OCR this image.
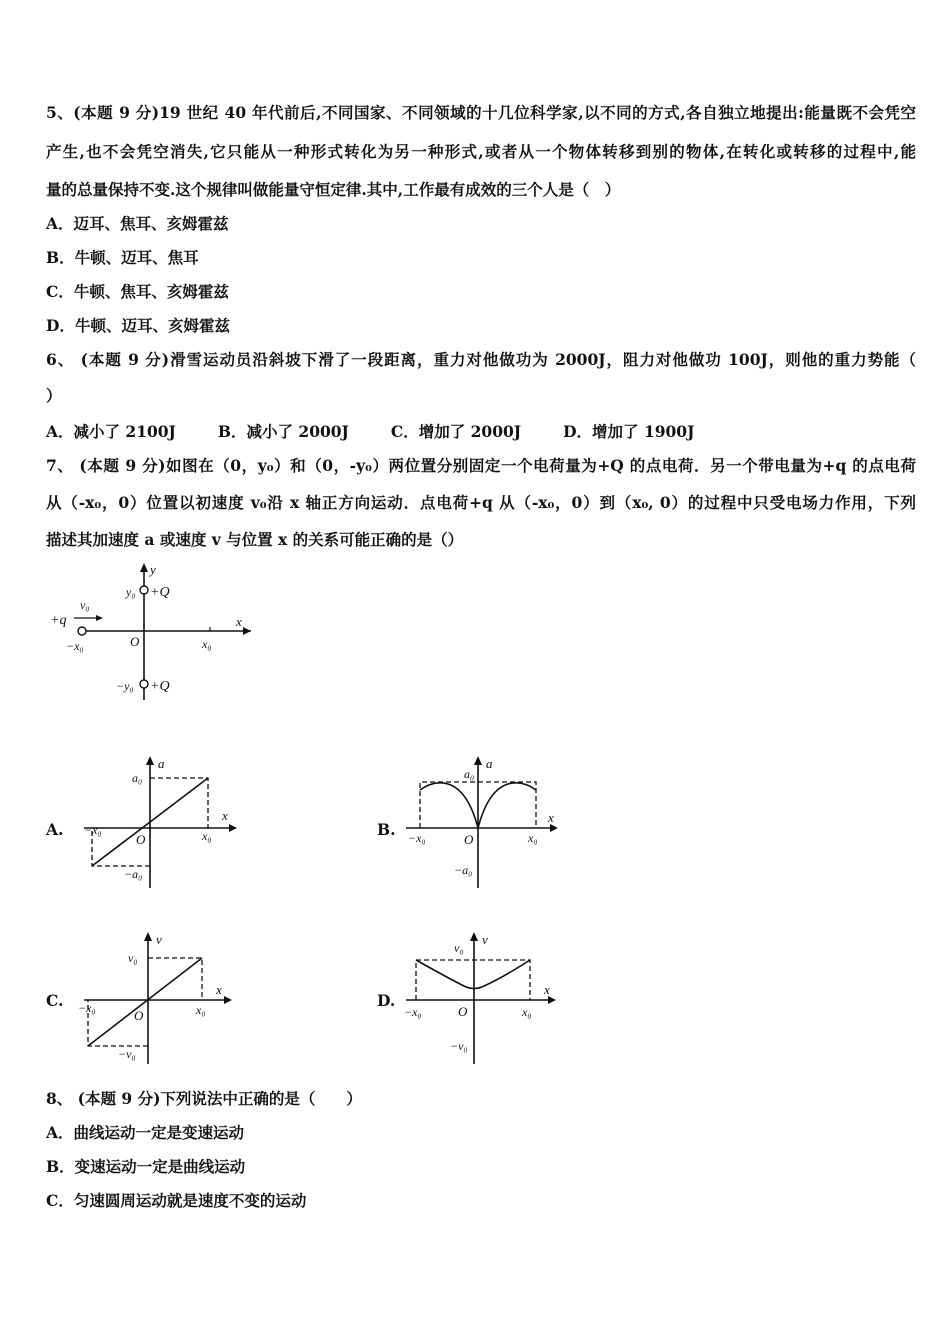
5、(本题 9 分)19 世纪 40 年代前后,不同国家、不同领域的十几位科学家,以不同的方式,各自独立地提出:能量既不会凭空
产生,也不会凭空消失,它只能从一种形式转化为另一种形式,或者从一个物体转移到别的物体,在转化或转移的过程中,能
量的总量保持不变.这个规律叫做能量守恒定律.其中,工作最有成效的三个人是（　）
A．迈耳、焦耳、亥姆霍兹
B．牛顿、迈耳、焦耳
C．牛顿、焦耳、亥姆霍兹
D．牛顿、迈耳、亥姆霍兹
6、 (本题 9 分)滑雪运动员沿斜坡下滑了一段距离，重力对他做功为 2000J，阻力对他做功 100J，则他的重力势能（
）
A．减小了 2100J	B．减小了 2000J	C．增加了 2000J	D．增加了 1900J
7、 (本题 9 分)如图在（0，y₀）和（0，-y₀）两位置分别固定一个电荷量为+Q 的点电荷．另一个带电量为+q 的点电荷
从（-x₀，0）位置以初速度 v₀沿 x 轴正方向运动．点电荷+q 从（-x₀，0）到（x₀, 0）的过程中只受电场力作用，下列
描述其加速度 a 或速度 v 与位置 x 的关系可能正确的是（）
y
x
O
y₀ +Q
−y₀ +Q
+q
v₀
−x₀	x₀
A.
a
x
O
a₀
−a₀
−x₀	x₀	B.
a
x
O
a₀
−a₀
−x₀	x₀
C.
v
x
O
v₀
−v₀
−x₀	x₀	D.
v
x
O
v₀
−v₀
−x₀	x₀
8、 (本题 9 分)下列说法中正确的是（　　）
A．曲线运动一定是变速运动
B．变速运动一定是曲线运动
C．匀速圆周运动就是速度不变的运动
